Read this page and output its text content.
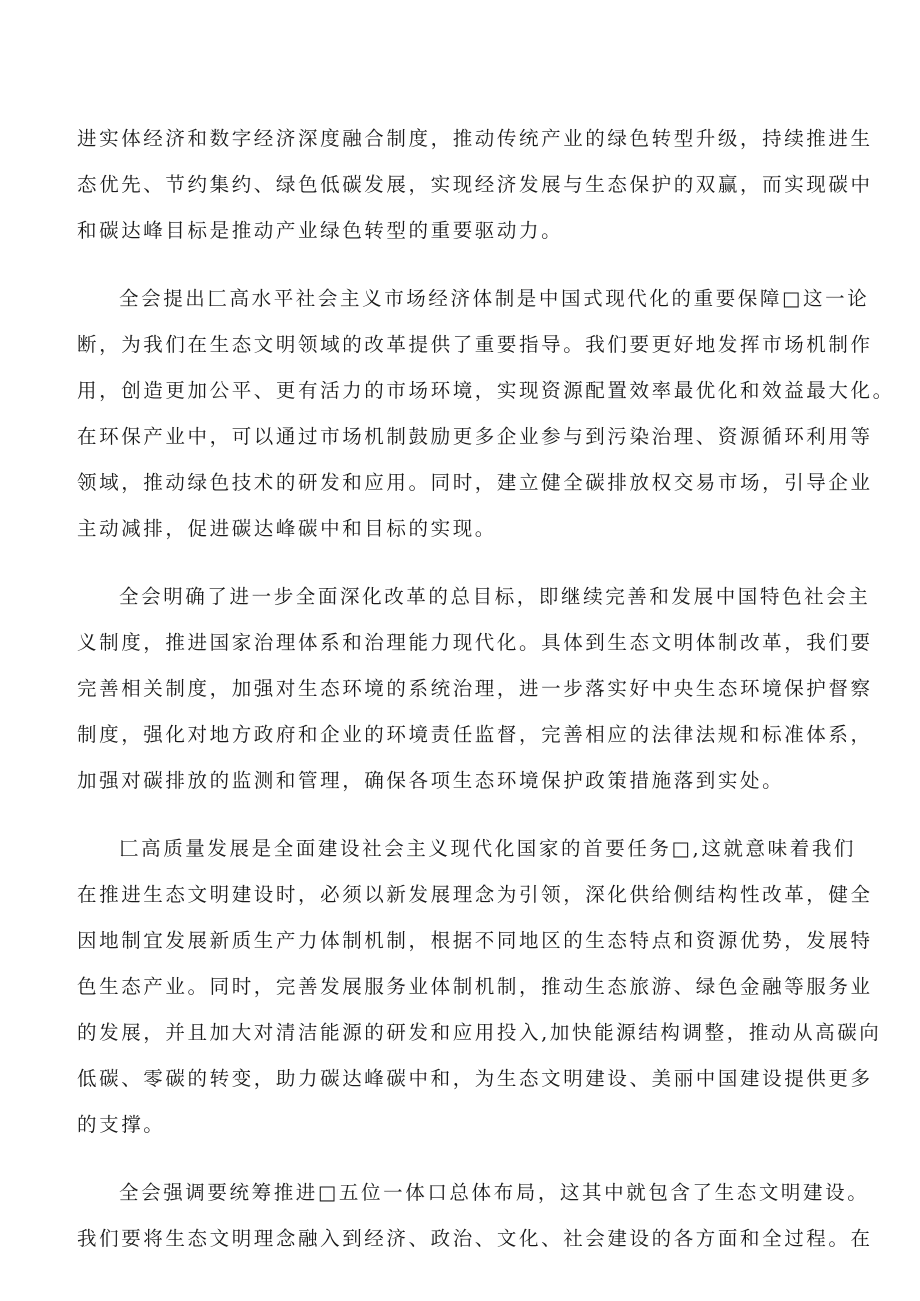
进实体经济和数字经济深度融合制度，推动传统产业的绿色转型升级，持续推进生
态优先、节约集约、绿色低碳发展，实现经济发展与生态保护的双赢，而实现碳中
和碳达峰目标是推动产业绿色转型的重要驱动力。

全会提出匚高水平社会主义市场经济体制是中国式现代化的重要保障□这一论
断，为我们在生态文明领域的改革提供了重要指导。我们要更好地发挥市场机制作
用，创造更加公平、更有活力的市场环境，实现资源配置效率最优化和效益最大化。
在环保产业中，可以通过市场机制鼓励更多企业参与到污染治理、资源循环利用等
领域，推动绿色技术的研发和应用。同时，建立健全碳排放权交易市场，引导企业
主动减排，促进碳达峰碳中和目标的实现。

全会明确了进一步全面深化改革的总目标，即继续完善和发展中国特色社会主
义制度，推进国家治理体系和治理能力现代化。具体到生态文明体制改革，我们要
完善相关制度，加强对生态环境的系统治理，进一步落实好中央生态环境保护督察
制度，强化对地方政府和企业的环境责任监督，完善相应的法律法规和标准体系，
加强对碳排放的监测和管理，确保各项生态环境保护政策措施落到实处。

匚高质量发展是全面建设社会主义现代化国家的首要任务□,这就意味着我们
在推进生态文明建设时，必须以新发展理念为引领，深化供给侧结构性改革，健全
因地制宜发展新质生产力体制机制，根据不同地区的生态特点和资源优势，发展特
色生态产业。同时，完善发展服务业体制机制，推动生态旅游、绿色金融等服务业
的发展，并且加大对清洁能源的研发和应用投入,加快能源结构调整，推动从高碳向
低碳、零碳的转变，助力碳达峰碳中和，为生态文明建设、美丽中国建设提供更多
的支撑。

全会强调要统筹推进□五位一体口总体布局，这其中就包含了生态文明建设。
我们要将生态文明理念融入到经济、政治、文化、社会建设的各方面和全过程。在
